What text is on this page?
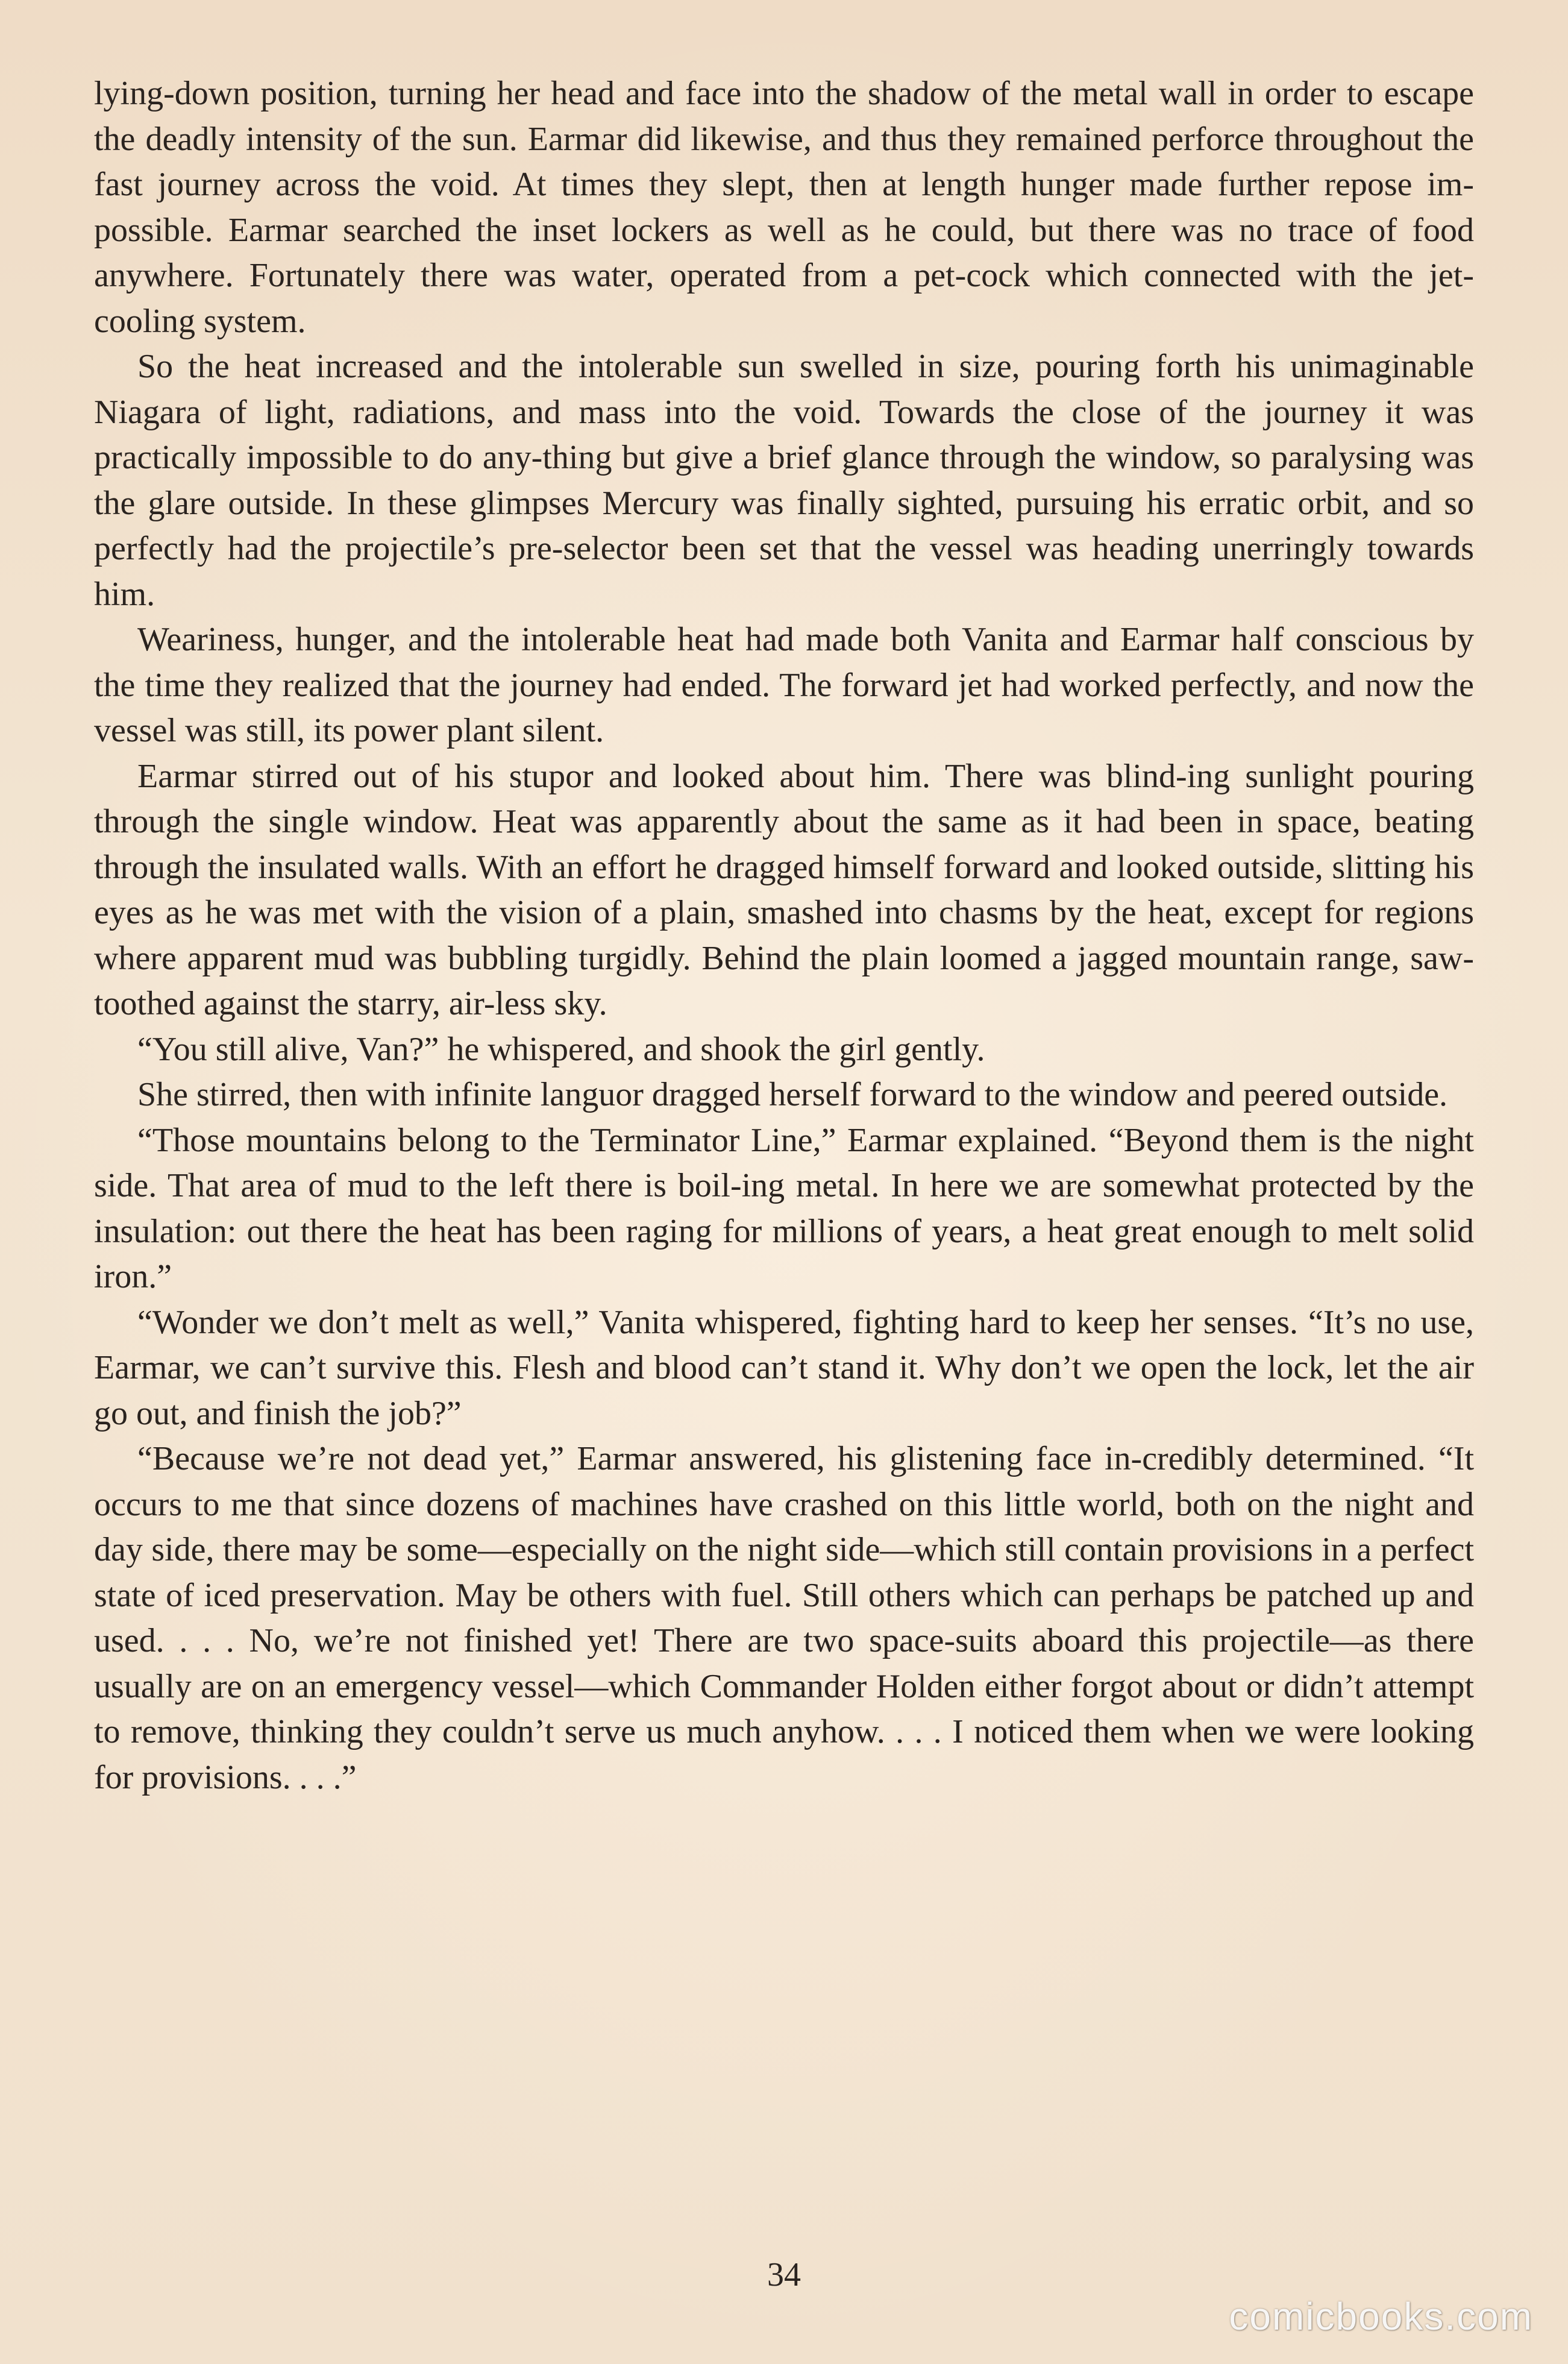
lying-down position, turning her head and face into the shadow of the metal wall in order to escape the deadly intensity of the sun. Earmar did likewise, and thus they remained perforce throughout the fast journey across the void. At times they slept, then at length hunger made further repose im-possible. Earmar searched the inset lockers as well as he could, but there was no trace of food anywhere. Fortunately there was water, operated from a pet-cock which connected with the jet-cooling system.

So the heat increased and the intolerable sun swelled in size, pouring forth his unimaginable Niagara of light, radiations, and mass into the void. Towards the close of the journey it was practically impossible to do any-thing but give a brief glance through the window, so paralysing was the glare outside. In these glimpses Mercury was finally sighted, pursuing his erratic orbit, and so perfectly had the projectile’s pre-selector been set that the vessel was heading unerringly towards him.

Weariness, hunger, and the intolerable heat had made both Vanita and Earmar half conscious by the time they realized that the journey had ended. The forward jet had worked perfectly, and now the vessel was still, its power plant silent.

Earmar stirred out of his stupor and looked about him. There was blind-ing sunlight pouring through the single window. Heat was apparently about the same as it had been in space, beating through the insulated walls. With an effort he dragged himself forward and looked outside, slitting his eyes as he was met with the vision of a plain, smashed into chasms by the heat, except for regions where apparent mud was bubbling turgidly. Behind the plain loomed a jagged mountain range, saw-toothed against the starry, air-less sky.

“You still alive, Van?” he whispered, and shook the girl gently.

She stirred, then with infinite languor dragged herself forward to the window and peered outside.

“Those mountains belong to the Terminator Line,” Earmar explained. “Beyond them is the night side. That area of mud to the left there is boil-ing metal. In here we are somewhat protected by the insulation: out there the heat has been raging for millions of years, a heat great enough to melt solid iron.”

“Wonder we don’t melt as well,” Vanita whispered, fighting hard to keep her senses. “It’s no use, Earmar, we can’t survive this. Flesh and blood can’t stand it. Why don’t we open the lock, let the air go out, and finish the job?”

“Because we’re not dead yet,” Earmar answered, his glistening face in-credibly determined. “It occurs to me that since dozens of machines have crashed on this little world, both on the night and day side, there may be some—especially on the night side—which still contain provisions in a perfect state of iced preservation. May be others with fuel. Still others which can perhaps be patched up and used. . . . No, we’re not finished yet! There are two space-suits aboard this projectile—as there usually are on an emergency vessel—which Commander Holden either forgot about or didn’t attempt to remove, thinking they couldn’t serve us much anyhow. . . . I noticed them when we were looking for provisions. . . .”

34
comicbooks.com
